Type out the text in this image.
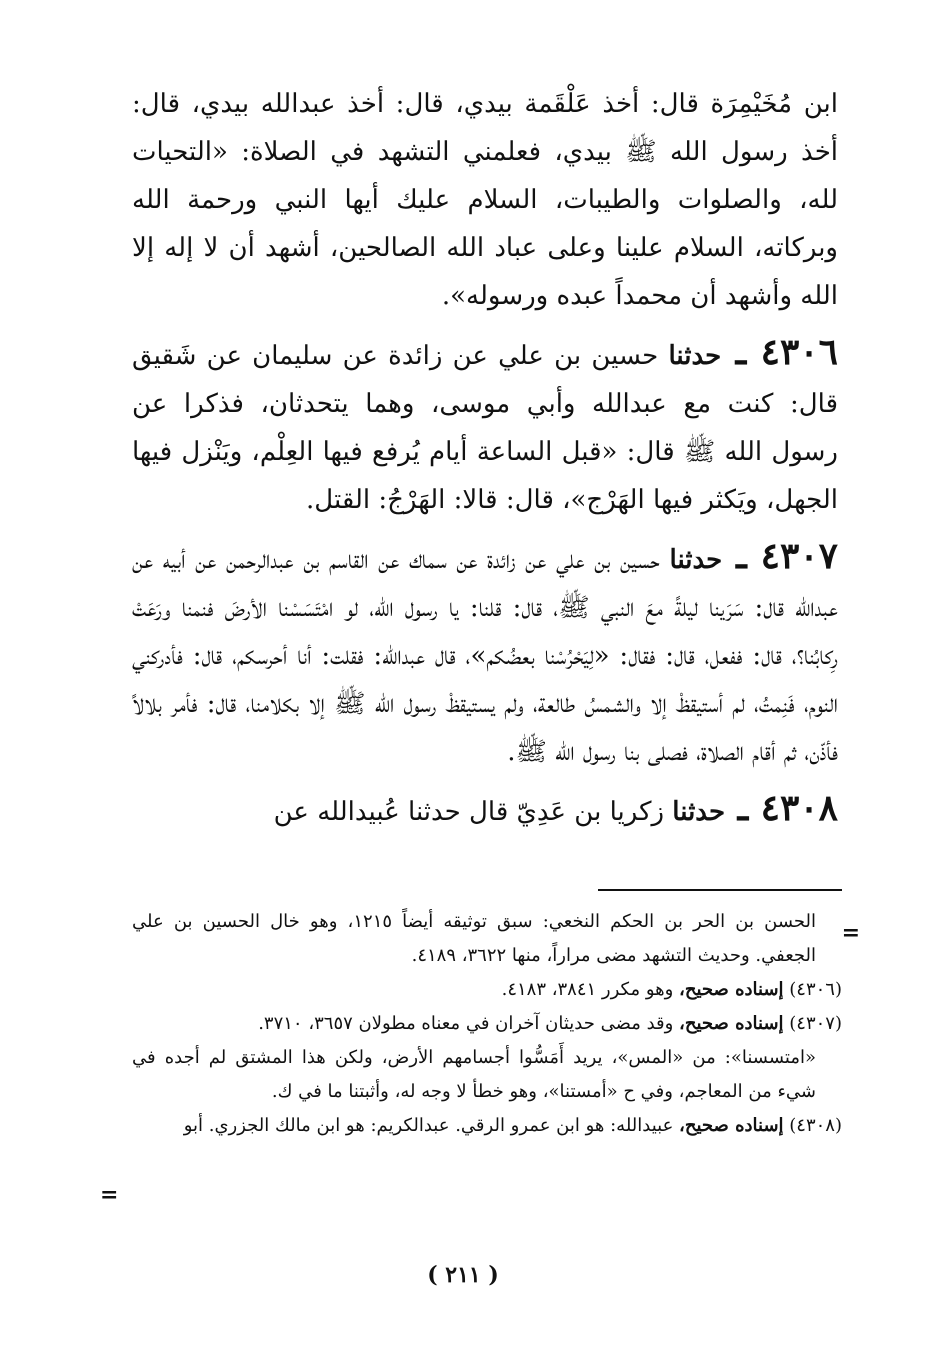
ابن مُخَيْمِرَة قال: أخذ عَلْقَمة بيدي، قال: أخذ عبدالله بيدي، قال: أخذ رسول الله ﷺ بيدي، فعلمني التشهد في الصلاة: «التحيات لله، والصلوات والطيبات، السلام عليك أيها النبي ورحمة الله وبركاته، السلام علينا وعلى عباد الله الصالحين، أشهد أن لا إله إلا الله وأشهد أن محمداً عبده ورسوله».

٤٣٠٦ ـ حدثنا حسين بن علي عن زائدة عن سليمان عن شَقيق قال: كنت مع عبدالله وأبي موسى، وهما يتحدثان، فذكرا عن رسول الله ﷺ قال: «قبل الساعة أيام يُرفع فيها العِلْم، ويَنْزل فيها الجهل، ويَكثر فيها الهَرْج»، قال: قالا: الهَرْجُ: القتل.

٤٣٠٧ ـ حدثنا حسين بن علي عن زائدة عن سماك عن القاسم بن عبدالرحمن عن أبيه عن عبدالله قال: سَرَينا ليلةً معَ النبي ﷺ، قال: قلنا: يا رسول الله، لو امْتَسَسْنا الأرضَ فنمنا ورَعَتْ رِكابُنا؟، قال: ففعل، قال: فقال: «لِيَحْرُسْنا بعضُكم»، قال عبدالله: فقلت: أنا أحرسكم، قال: فأدركني النوم، فَنِمتُ، لم أستيقظْ إلا والشمسُ طالعة، ولم يستيقظْ رسول الله ﷺ إلا بكلامنا، قال: فأمر بلالاً فأذّن، ثم أقام الصلاة، فصلى بنا رسول الله ﷺ.

٤٣٠٨ ـ حدثنا زكريا بن عَدِيّ قال حدثنا عُبيدالله عن

=

الحسن بن الحر بن الحكم النخعي: سبق توثيقه أيضاً ١٢١٥، وهو خال الحسين بن علي الجعفي. وحديث التشهد مضى مراراً، منها ٣٦٢٢، ٤١٨٩.

(٤٣٠٦) إسناده صحيح، وهو مكرر ٣٨٤١، ٤١٨٣.

(٤٣٠٧) إسناده صحيح، وقد مضى حديثان آخران في معناه مطولان ٣٦٥٧، ٣٧١٠.

«امتسسنا»: من «المس»، يريد أَمَسُّوا أجسامهم الأرض، ولكن هذا المشتق لم أجده في شيء من المعاجم، وفي ح «أمستنا»، وهو خطأ لا وجه له، وأثبتنا ما في ك.

(٤٣٠٨) إسناده صحيح، عبيدالله: هو ابن عمرو الرقي. عبدالكريم: هو ابن مالك الجزري. أبو

=
( ٢١١ )
